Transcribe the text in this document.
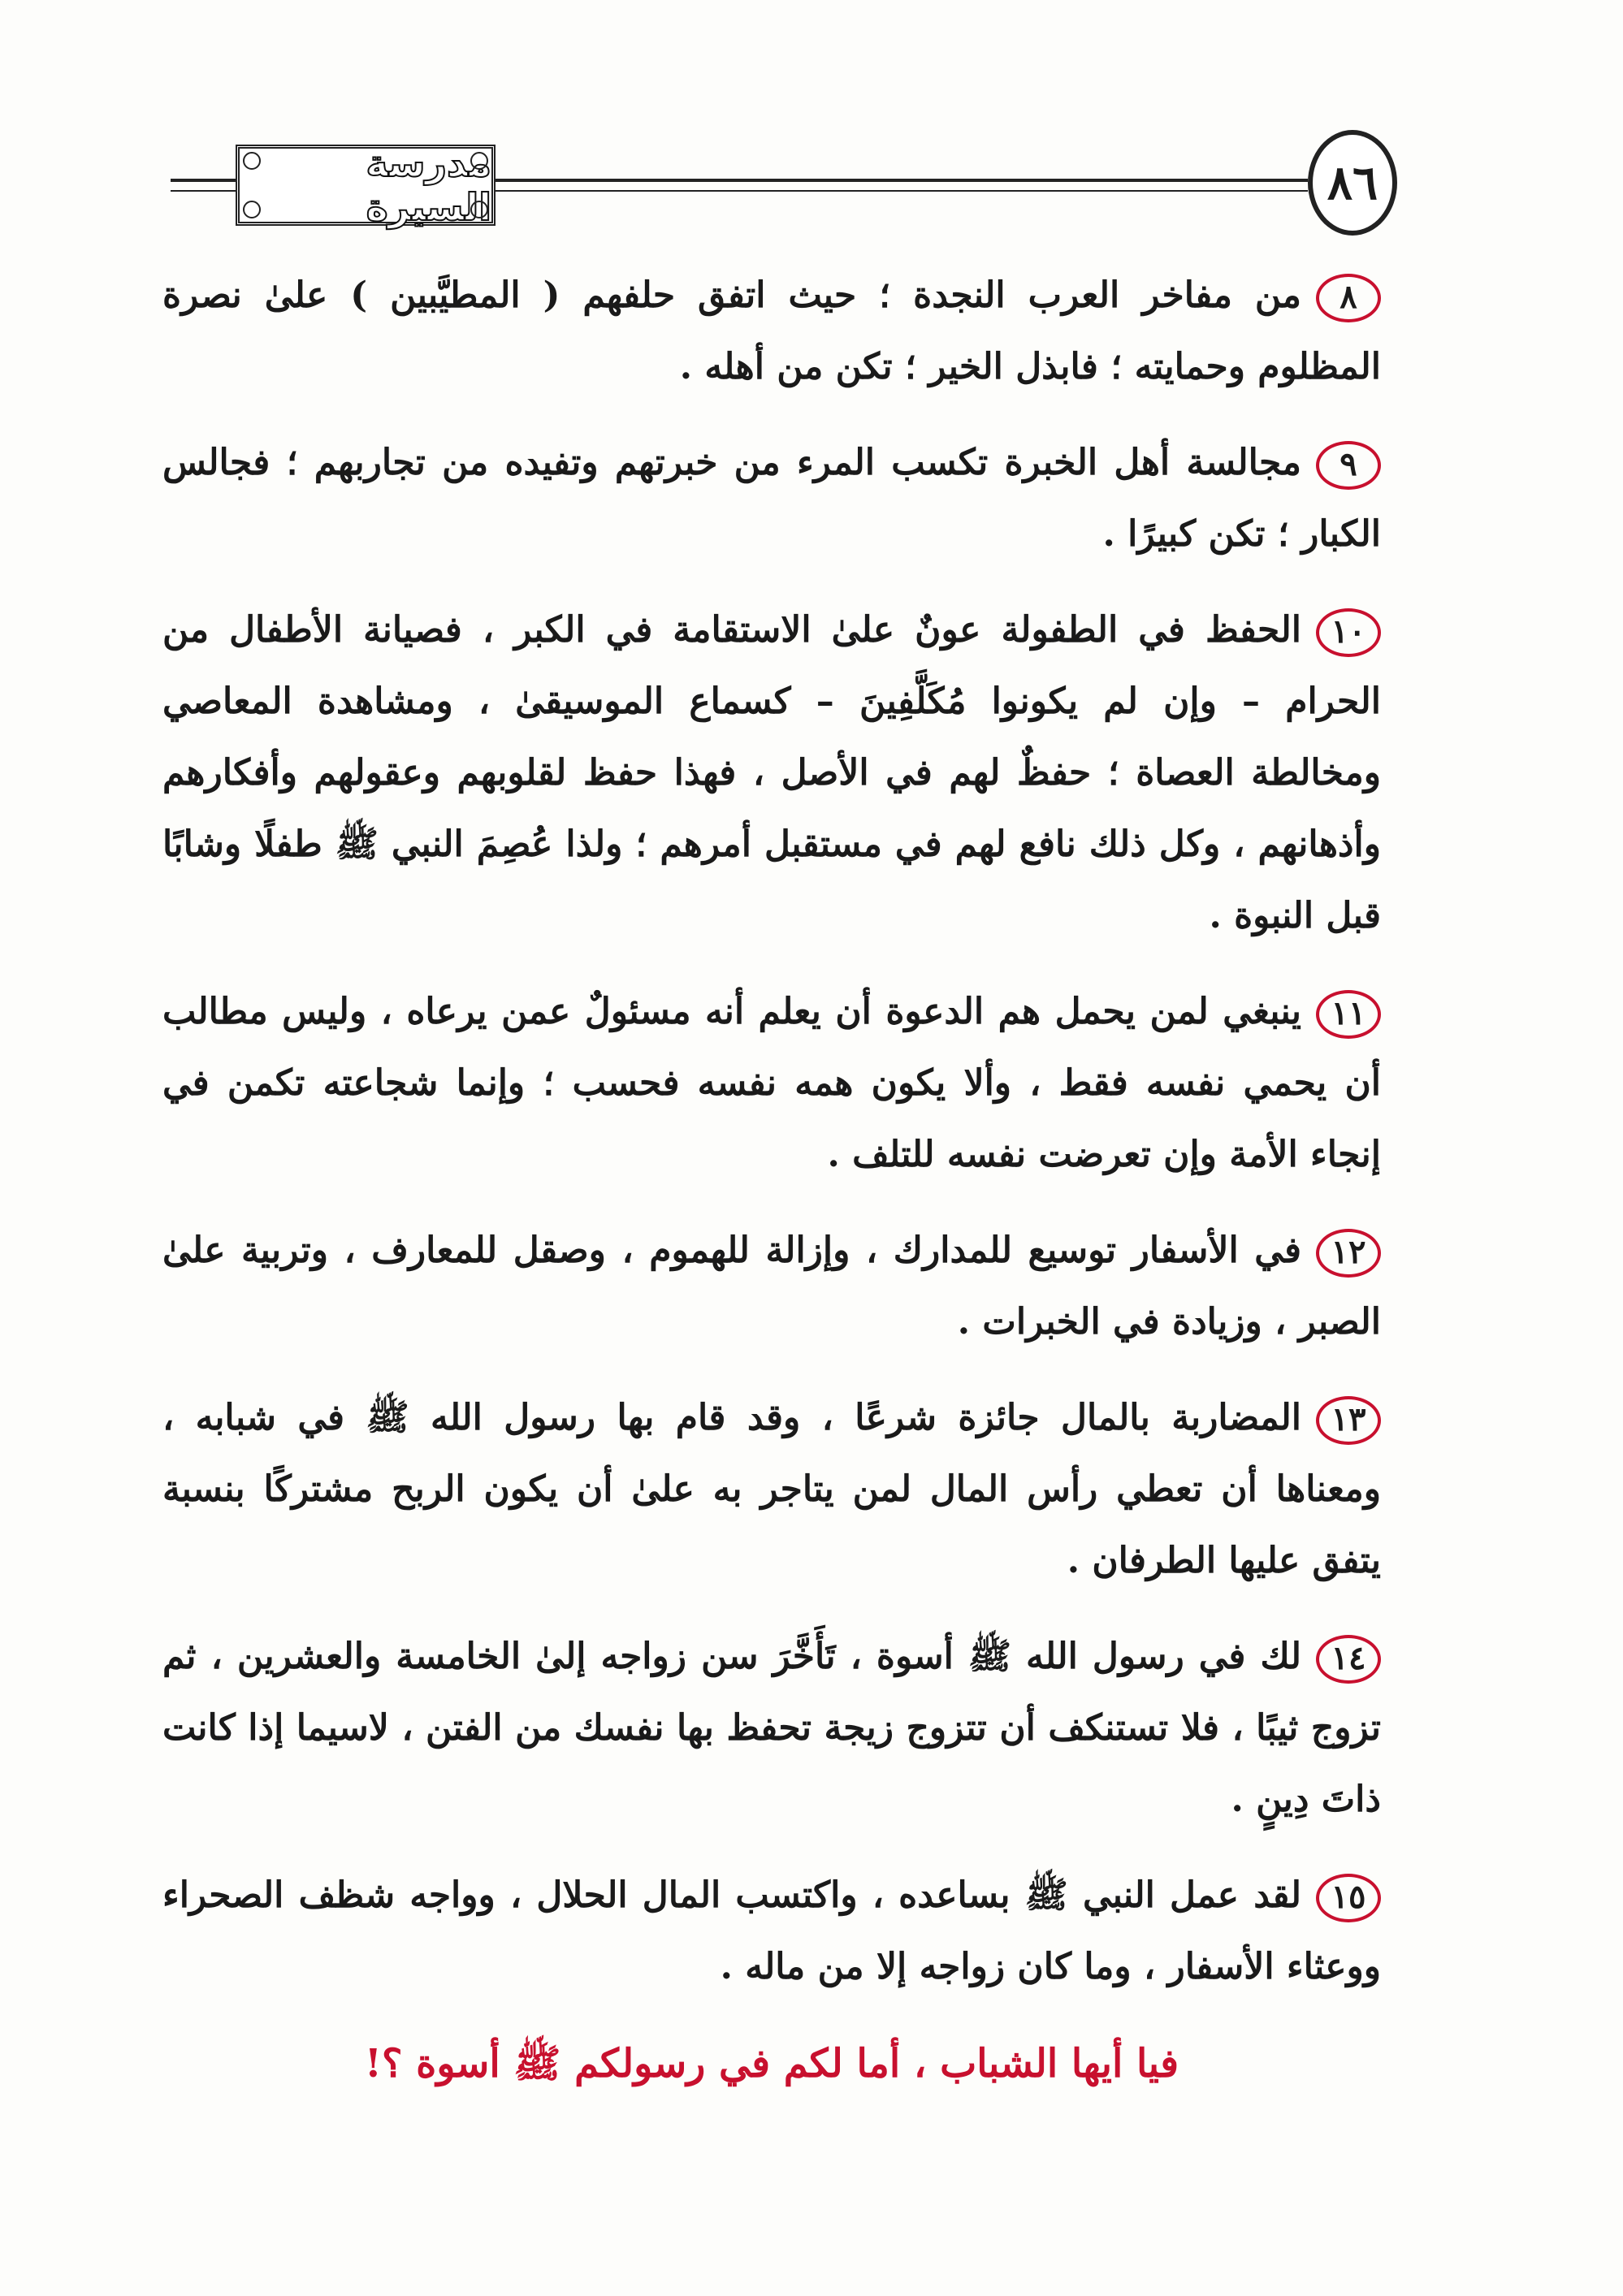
مدرسة السيرة	٨٦

٨من مفاخر العرب النجدة ؛ حيث اتفق حلفهم ( المطيَّبين ) علىٰ نصرة المظلوم وحمايته ؛ فابذل الخير ؛ تكن من أهله .

٩مجالسة أهل الخبرة تكسب المرء من خبرتهم وتفيده من تجاربهم ؛ فجالس الكبار ؛ تكن كبيرًا .

١٠الحفظ في الطفولة عونٌ علىٰ الاستقامة في الكبر ، فصيانة الأطفال من الحرام – وإن لم يكونوا مُكَلَّفِينَ – كسماع الموسيقىٰ ، ومشاهدة المعاصي ومخالطة العصاة ؛ حفظٌ لهم في الأصل ، فهذا حفظ لقلوبهم وعقولهم وأفكارهم وأذهانهم ، وكل ذلك نافع لهم في مستقبل أمرهم ؛ ولذا عُصِمَ النبي ﷺ طفلًا وشابًا قبل النبوة .

١١ينبغي لمن يحمل هم الدعوة أن يعلم أنه مسئولٌ عمن يرعاه ، وليس مطالب أن يحمي نفسه فقط ، وألا يكون همه نفسه فحسب ؛ وإنما شجاعته تكمن في إنجاء الأمة وإن تعرضت نفسه للتلف .

١٢في الأسفار توسيع للمدارك ، وإزالة للهموم ، وصقل للمعارف ، وتربية علىٰ الصبر ، وزيادة في الخبرات .

١٣المضاربة بالمال جائزة شرعًا ، وقد قام بها رسول الله ﷺ في شبابه ، ومعناها أن تعطي رأس المال لمن يتاجر به علىٰ أن يكون الربح مشتركًا بنسبة يتفق عليها الطرفان .

١٤لك في رسول الله ﷺ أسوة ، تَأَخَّرَ سن زواجه إلىٰ الخامسة والعشرين ، ثم تزوج ثيبًا ، فلا تستنكف أن تتزوج زيجة تحفظ بها نفسك من الفتن ، لاسيما إذا كانت ذاتَ دِينٍ .

١٥لقد عمل النبي ﷺ بساعده ، واكتسب المال الحلال ، وواجه شظف الصحراء ووعثاء الأسفار ، وما كان زواجه إلا من ماله .

فيا أيها الشباب ، أما لكم في رسولكم ﷺ أسوة ؟!
